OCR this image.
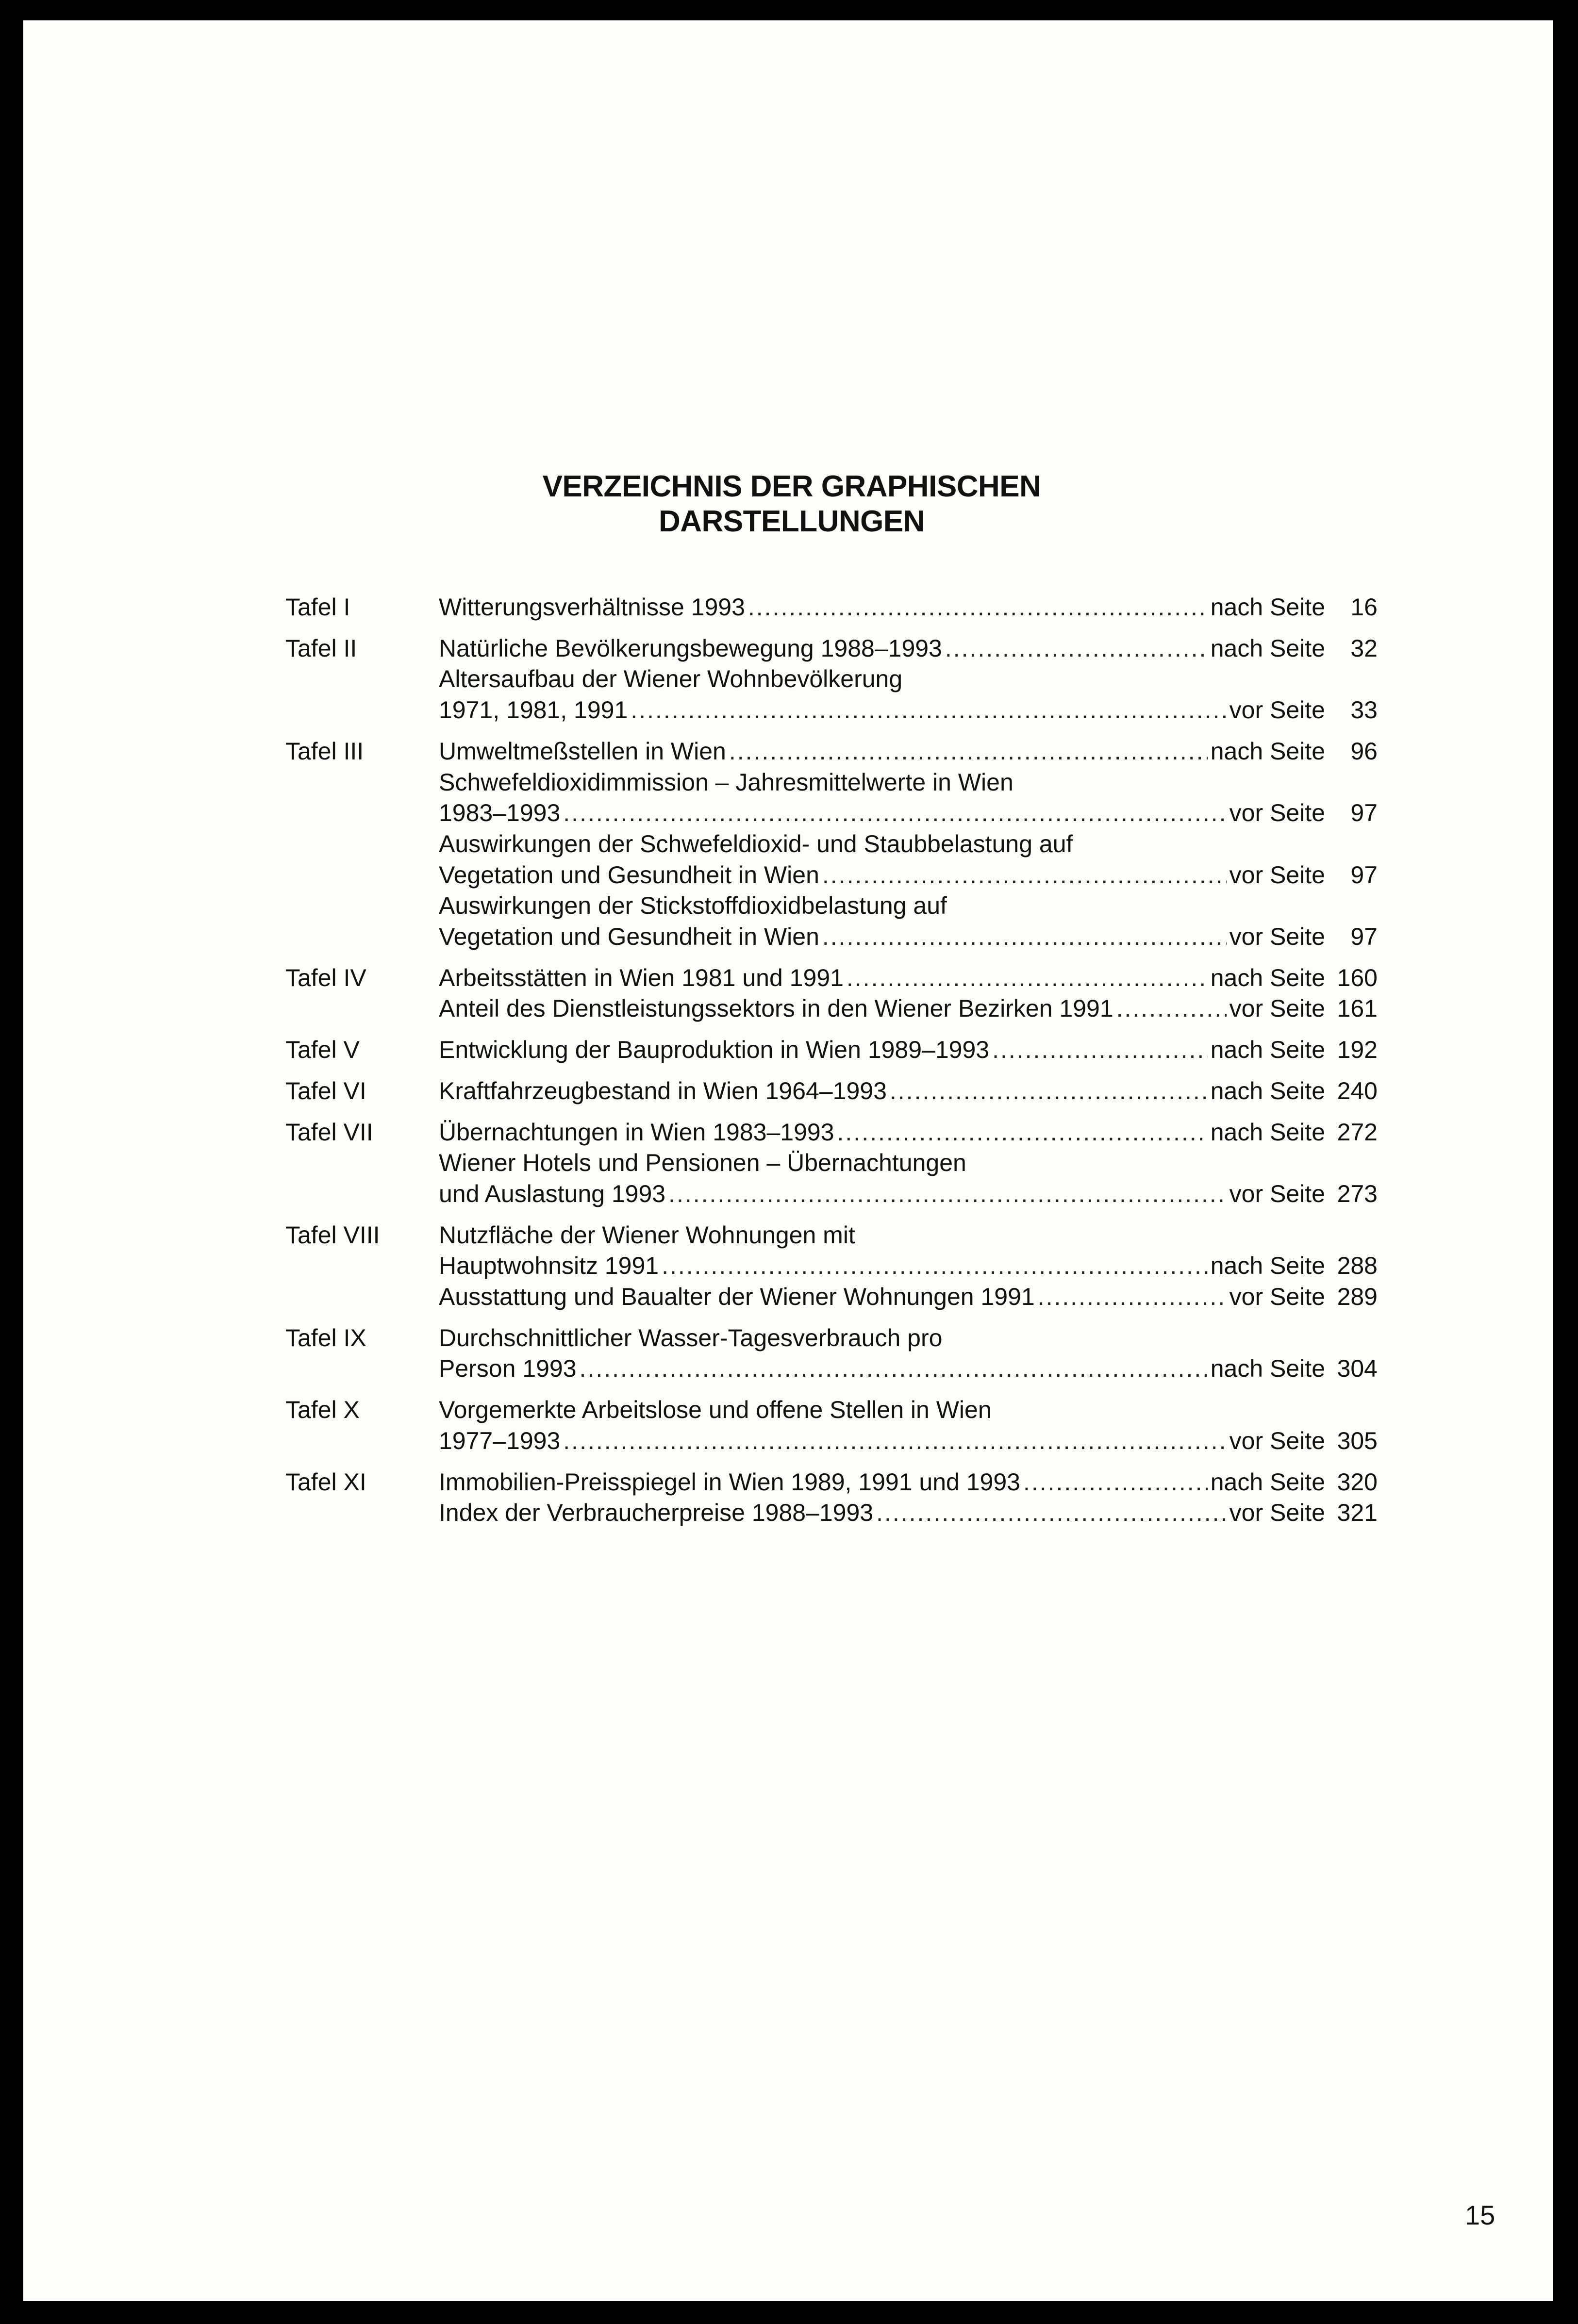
VERZEICHNIS DER GRAPHISCHEN
DARSTELLUNGEN
Tafel I	Witterungsverhältnisse 1993 .....	nach Seite	16
Tafel II	Natürliche Bevölkerungsbewegung 1988–1993 .....	nach Seite	32
Altersaufbau der Wiener Wohnbevölkerung
1971, 1981, 1991 .....	vor Seite	33
Tafel III	Umweltmeßstellen in Wien .....	nach Seite	96
Schwefeldioxidimmission – Jahresmittelwerte in Wien
1983–1993 .....	vor Seite	97
Auswirkungen der Schwefeldioxid- und Staubbelastung auf
Vegetation und Gesundheit in Wien .....	vor Seite	97
Auswirkungen der Stickstoffdioxidbelastung auf
Vegetation und Gesundheit in Wien .....	vor Seite	97
Tafel IV	Arbeitsstätten in Wien 1981 und 1991 .....	nach Seite 160
Anteil des Dienstleistungssektors in den Wiener Bezirken 1991 .....	vor Seite 161
Tafel V	Entwicklung der Bauproduktion in Wien 1989–1993 .....	nach Seite 192
Tafel VI	Kraftfahrzeugbestand in Wien 1964–1993 .....	nach Seite 240
Tafel VII	Übernachtungen in Wien 1983–1993 .....	nach Seite 272
Wiener Hotels und Pensionen – Übernachtungen
und Auslastung 1993 .....	vor Seite 273
Tafel VIII	Nutzfläche der Wiener Wohnungen mit
Hauptwohnsitz 1991 .....	nach Seite 288
Ausstattung und Baualter der Wiener Wohnungen 1991 .....	vor Seite 289
Tafel IX	Durchschnittlicher Wasser-Tagesverbrauch pro
Person 1993 .....	nach Seite 304
Tafel X	Vorgemerkte Arbeitslose und offene Stellen in Wien
1977–1993 .....	vor Seite 305
Tafel XI	Immobilien-Preisspiegel in Wien 1989, 1991 und 1993 .....	nach Seite 320
Index der Verbraucherpreise 1988–1993 .....	vor Seite 321
15
